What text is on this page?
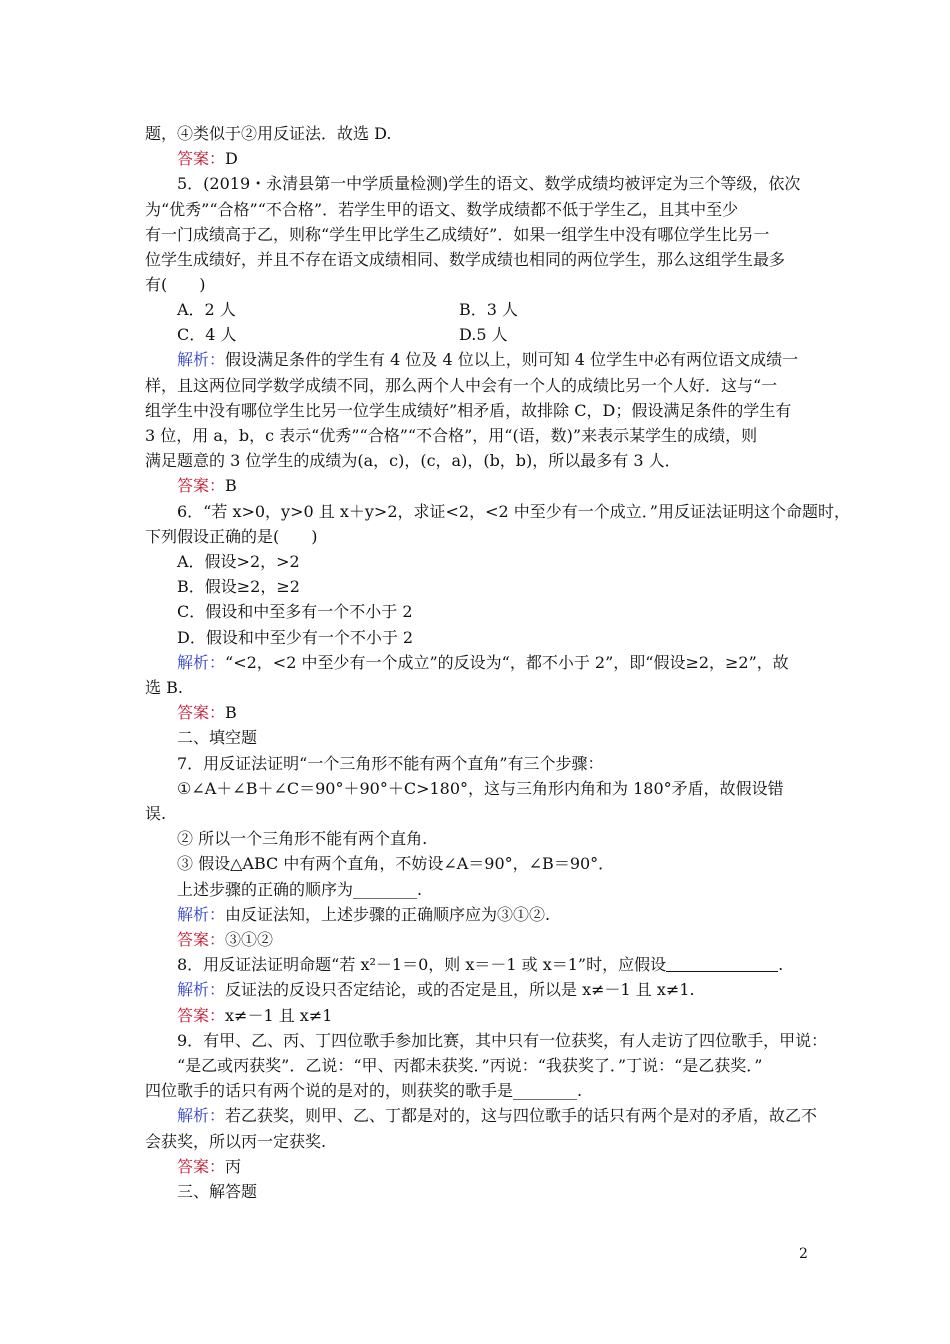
题，④类似于②用反证法．故选 D.
答案：D
5．(2019・永清县第一中学质量检测)学生的语文、数学成绩均被评定为三个等级，依次
为“优秀”“合格”“不合格”．若学生甲的语文、数学成绩都不低于学生乙，且其中至少
有一门成绩高于乙，则称“学生甲比学生乙成绩好”．如果一组学生中没有哪位学生比另一
位学生成绩好，并且不存在语文成绩相同、数学成绩也相同的两位学生，那么这组学生最多
有(　　)
A．2 人	B．3 人
C．4 人	D.5 人
解析：假设满足条件的学生有 4 位及 4 位以上，则可知 4 位学生中必有两位语文成绩一
样，且这两位同学数学成绩不同，那么两个人中会有一个人的成绩比另一个人好．这与“一
组学生中没有哪位学生比另一位学生成绩好”相矛盾，故排除 C，D；假设满足条件的学生有
3 位，用 a，b，c 表示“优秀”“合格”“不合格”，用“(语，数)”来表示某学生的成绩，则
满足题意的 3 位学生的成绩为(a，c)，(c，a)，(b，b)，所以最多有 3 人．
答案：B
6．“若 x>0，y>0 且 x＋y>2，求证<2，<2 中至少有一个成立．”用反证法证明这个命题时，
下列假设正确的是(　　)
A．假设>2，>2
B．假设≥2，≥2
C．假设和中至多有一个不小于 2
D．假设和中至少有一个不小于 2
解析：“<2，<2 中至少有一个成立”的反设为“，都不小于 2”，即“假设≥2，≥2”，故
选 B.
答案：B
二、填空题
7．用反证法证明“一个三角形不能有两个直角”有三个步骤：
①∠A＋∠B＋∠C＝90°＋90°＋C>180°，这与三角形内角和为 180°矛盾，故假设错
误.
② 所以一个三角形不能有两个直角.
③ 假设△ABC 中有两个直角，不妨设∠A＝90°，∠B＝90°．
上述步骤的正确的顺序为________.
解析：由反证法知，上述步骤的正确顺序应为③①②.
答案：③①②
8．用反证法证明命题“若 x²－1＝0，则 x＝－1 或 x＝1”时，应假设	.
解析：反证法的反设只否定结论，或的否定是且，所以是 x≠－1 且 x≠1.
答案：x≠－1 且 x≠1
9．有甲、乙、丙、丁四位歌手参加比赛，其中只有一位获奖，有人走访了四位歌手，甲说：
“是乙或丙获奖”．乙说：“甲、丙都未获奖．”丙说：“我获奖了．”丁说：“是乙获奖．”
四位歌手的话只有两个说的是对的，则获奖的歌手是________.
解析：若乙获奖，则甲、乙、丁都是对的，这与四位歌手的话只有两个是对的矛盾，故乙不
会获奖，所以丙一定获奖.
答案：丙
三、解答题
2
